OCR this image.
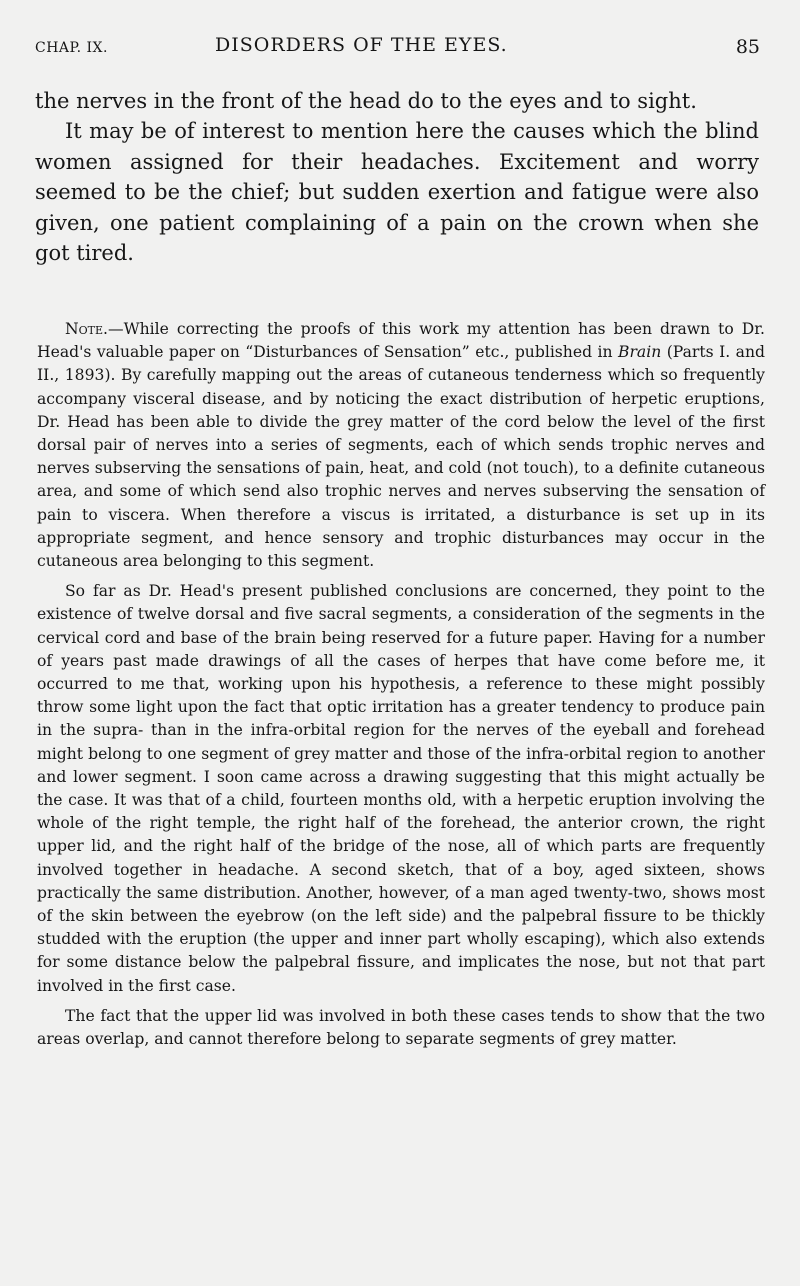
CHAP. IX.	DISORDERS OF THE EYES.	85

the nerves in the front of the head do to the eyes and to sight.

It may be of interest to mention here the causes which the blind women assigned for their headaches. Excitement and worry seemed to be the chief; but sudden exertion and fatigue were also given, one patient complaining of a pain on the crown when she got tired.

Note.—While correcting the proofs of this work my attention has been drawn to Dr. Head's valuable paper on “Disturbances of Sensation” etc., published in Brain (Parts I. and II., 1893). By carefully mapping out the areas of cutaneous tenderness which so frequently accompany visceral disease, and by noticing the exact distribution of herpetic eruptions, Dr. Head has been able to divide the grey matter of the cord below the level of the first dorsal pair of nerves into a series of segments, each of which sends trophic nerves and nerves subserving the sensations of pain, heat, and cold (not touch), to a definite cutaneous area, and some of which send also trophic nerves and nerves subserving the sensation of pain to viscera. When therefore a viscus is irritated, a disturbance is set up in its appropriate segment, and hence sensory and trophic disturbances may occur in the cutaneous area belonging to this segment.

So far as Dr. Head's present published conclusions are concerned, they point to the existence of twelve dorsal and five sacral segments, a consideration of the segments in the cervical cord and base of the brain being reserved for a future paper. Having for a number of years past made drawings of all the cases of herpes that have come before me, it occurred to me that, working upon his hypothesis, a reference to these might possibly throw some light upon the fact that optic irritation has a greater tendency to produce pain in the supra- than in the infra-orbital region for the nerves of the eyeball and forehead might belong to one segment of grey matter and those of the infra-orbital region to another and lower segment. I soon came across a drawing suggesting that this might actually be the case. It was that of a child, fourteen months old, with a herpetic eruption involving the whole of the right temple, the right half of the forehead, the anterior crown, the right upper lid, and the right half of the bridge of the nose, all of which parts are frequently involved together in headache. A second sketch, that of a boy, aged sixteen, shows practically the same distribution. Another, however, of a man aged twenty-two, shows most of the skin between the eyebrow (on the left side) and the palpebral fissure to be thickly studded with the eruption (the upper and inner part wholly escaping), which also extends for some distance below the palpebral fissure, and implicates the nose, but not that part involved in the first case.

The fact that the upper lid was involved in both these cases tends to show that the two areas overlap, and cannot therefore belong to separate segments of grey matter.
